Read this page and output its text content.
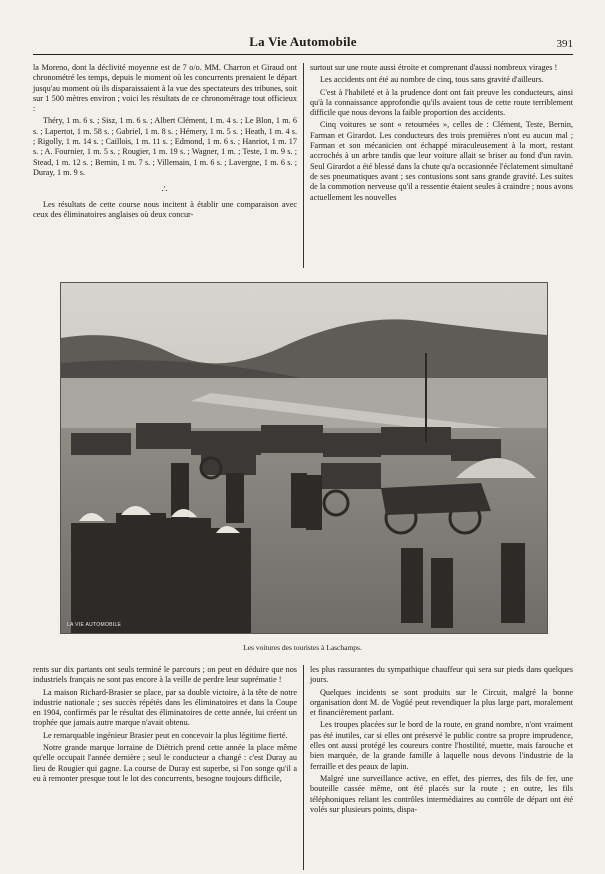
La Vie Automobile	391

la Moreno, dont la déclivité moyenne est de 7 o/o. MM. Charron et Giraud ont chronométré les temps, depuis le moment où les concurrents prenaient le départ jusqu'au moment où ils disparaissaient à la vue des spectateurs des tribunes, soit sur 1 500 mètres environ ; voici les résultats de ce chronométrage tout officieux :

Théry, 1 m. 6 s. ; Sisz, 1 m. 6 s. ; Albert Clément, 1 m. 4 s. ; Le Blon, 1 m. 6 s. ; Lapertot, 1 m. 58 s. ; Gabriel, 1 m. 8 s. ; Hémery, 1 m. 5 s. ; Heath, 1 m. 4 s. ; Rigolly, 1 m. 14 s. ; Caillois, 1 m. 11 s. ; Edmond, 1 m. 6 s. ; Hanriot, 1 m. 17 s. ; A. Fournier, 1 m. 5 s. ; Rougier, 1 m. 19 s. ; Wagner, 1 m. ; Teste, 1 m. 9 s. ; Stead, 1 m. 12 s. ; Bernin, 1 m. 7 s. ; Villemain, 1 m. 6 s. ; Lavergne, 1 m. 6 s. ; Duray, 1 m. 9 s.

∴

Les résultats de cette course nous incitent à établir une comparaison avec ceux des éliminatoires anglaises où deux concur-

surtout sur une route aussi étroite et comprenant d'aussi nombreux virages !

Les accidents ont été au nombre de cinq, tous sans gravité d'ailleurs.

C'est à l'habileté et à la prudence dont ont fait preuve les conducteurs, ainsi qu'à la connaissance approfondie qu'ils avaient tous de cette route terriblement difficile que nous devons la faible proportion des accidents.

Cinq voitures se sont « retournées », celles de : Clément, Teste, Bernin, Farman et Girardot. Les conducteurs des trois premières n'ont eu aucun mal ; Farman et son mécanicien ont échappé miraculeusement à la mort, restant accrochés à un arbre tandis que leur voiture allait se briser au fond d'un ravin. Seul Girardot a été blessé dans la chute qu'a occasionnée l'éclatement simultané de ses pneumatiques avant ; ses contusions sont sans grande gravité. Les suites de la commotion nerveuse qu'il a ressentie étaient seules à craindre ; nous avons actuellement les nouvelles

LA VIE AUTOMOBILE
Les voitures des touristes à Laschamps.

rents sur dix partants ont seuls terminé le parcours ; on peut en déduire que nos industriels français ne sont pas encore à la veille de perdre leur suprématie !

La maison Richard-Brasier se place, par sa double victoire, à la tête de notre industrie nationale ; ses succès répétés dans les éliminatoires et dans la Coupe en 1904, confirmés par le résultat des éliminatoires de cette année, lui créent un trophée que jamais autre marque n'avait obtenu.

Le remarquable ingénieur Brasier peut en concevoir la plus légitime fierté.

Notre grande marque lorraine de Diétrich prend cette année la place même qu'elle occupait l'année dernière ; seul le conducteur a changé : c'est Duray au lieu de Rougier qui gagne. La course de Duray est superbe, si l'on songe qu'il a eu à remonter presque tout le lot des concurrents, besogne toujours difficile,

les plus rassurantes du sympathique chauffeur qui sera sur pieds dans quelques jours.

Quelques incidents se sont produits sur le Circuit, malgré la bonne organisation dont M. de Vogüé peut revendiquer la plus large part, moralement et financièrement parlant.

Les troupes placées sur le bord de la route, en grand nombre, n'ont vraiment pas été inutiles, car si elles ont préservé le public contre sa propre imprudence, elles ont aussi protégé les coureurs contre l'hostilité, muette, mais farouche et bien marquée, de la grande famille à laquelle nous devons l'industrie de la ferraille et des peaux de lapin.

Malgré une surveillance active, en effet, des pierres, des fils de fer, une bouteille cassée même, ont été placés sur la route ; en outre, les fils téléphoniques reliant les contrôles intermédiaires au contrôle de départ ont été volés sur plusieurs points, dispa-
